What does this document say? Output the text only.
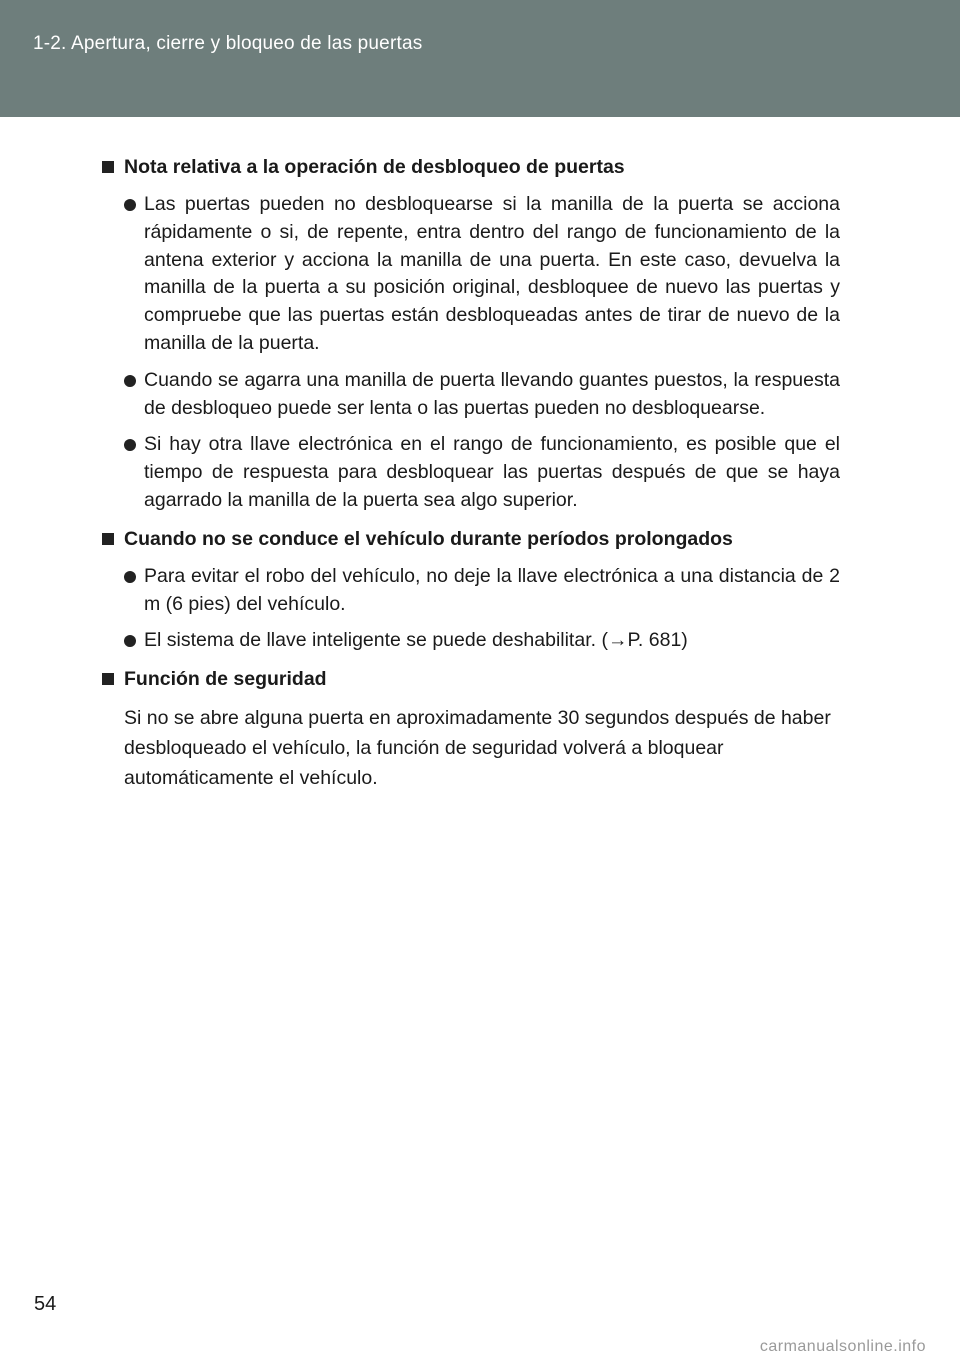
1-2. Apertura, cierre y bloqueo de las puertas
Nota relativa a la operación de desbloqueo de puertas
Las puertas pueden no desbloquearse si la manilla de la puerta se acciona rápidamente o si, de repente, entra dentro del rango de funcionamiento de la antena exterior y acciona la manilla de una puerta. En este caso, devuelva la manilla de la puerta a su posición original, desbloquee de nuevo las puertas y compruebe que las puertas están desbloqueadas antes de tirar de nuevo de la manilla de la puerta.
Cuando se agarra una manilla de puerta llevando guantes puestos, la respuesta de desbloqueo puede ser lenta o las puertas pueden no desbloquearse.
Si hay otra llave electrónica en el rango de funcionamiento, es posible que el tiempo de respuesta para desbloquear las puertas después de que se haya agarrado la manilla de la puerta sea algo superior.
Cuando no se conduce el vehículo durante períodos prolongados
Para evitar el robo del vehículo, no deje la llave electrónica a una distancia de 2 m (6 pies) del vehículo.
El sistema de llave inteligente se puede deshabilitar. (→P. 681)
Función de seguridad

Si no se abre alguna puerta en aproximadamente 30 segundos después de haber desbloqueado el vehículo, la función de seguridad volverá a bloquear automáticamente el vehículo.

54
carmanualsonline.info
